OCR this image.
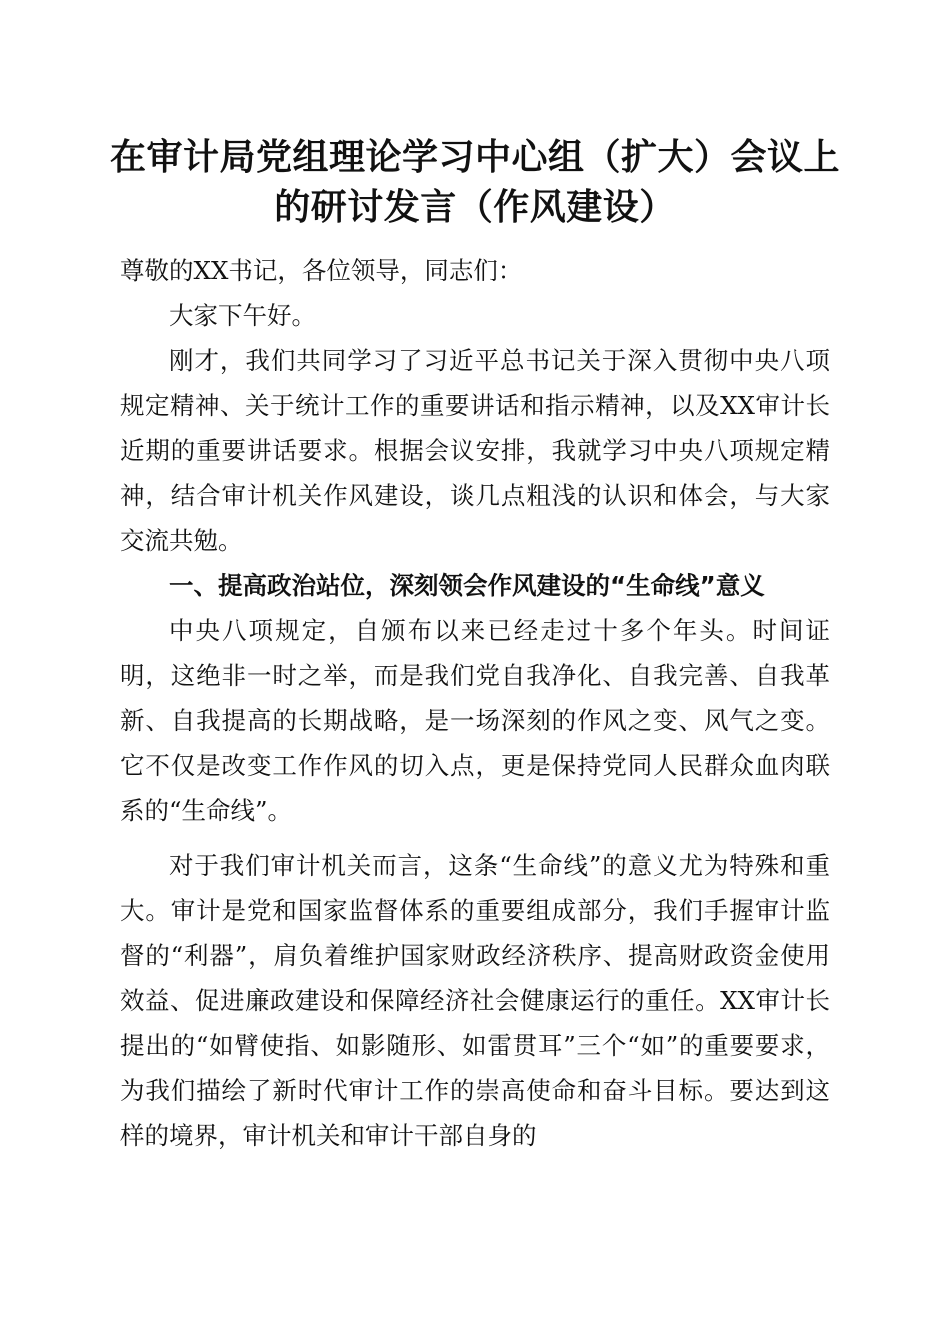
在审计局党组理论学习中心组（扩大）会议上
的研讨发言（作风建设）

尊敬的XX书记，各位领导，同志们：

大家下午好。

刚才，我们共同学习了习近平总书记关于深入贯彻中央八项规定精神、关于统计工作的重要讲话和指示精神，以及XX审计长近期的重要讲话要求。根据会议安排，我就学习中央八项规定精神，结合审计机关作风建设，谈几点粗浅的认识和体会，与大家交流共勉。

一、提高政治站位，深刻领会作风建设的“生命线”意义

中央八项规定，自颁布以来已经走过十多个年头。时间证明，这绝非一时之举，而是我们党自我净化、自我完善、自我革新、自我提高的长期战略，是一场深刻的作风之变、风气之变。它不仅是改变工作作风的切入点，更是保持党同人民群众血肉联系的“生命线”。

对于我们审计机关而言，这条“生命线”的意义尤为特殊和重大。审计是党和国家监督体系的重要组成部分，我们手握审计监督的“利器”，肩负着维护国家财政经济秩序、提高财政资金使用效益、促进廉政建设和保障经济社会健康运行的重任。XX审计长提出的“如臂使指、如影随形、如雷贯耳”三个“如”的重要要求，为我们描绘了新时代审计工作的崇高使命和奋斗目标。要达到这样的境界，审计机关和审计干部自身的
